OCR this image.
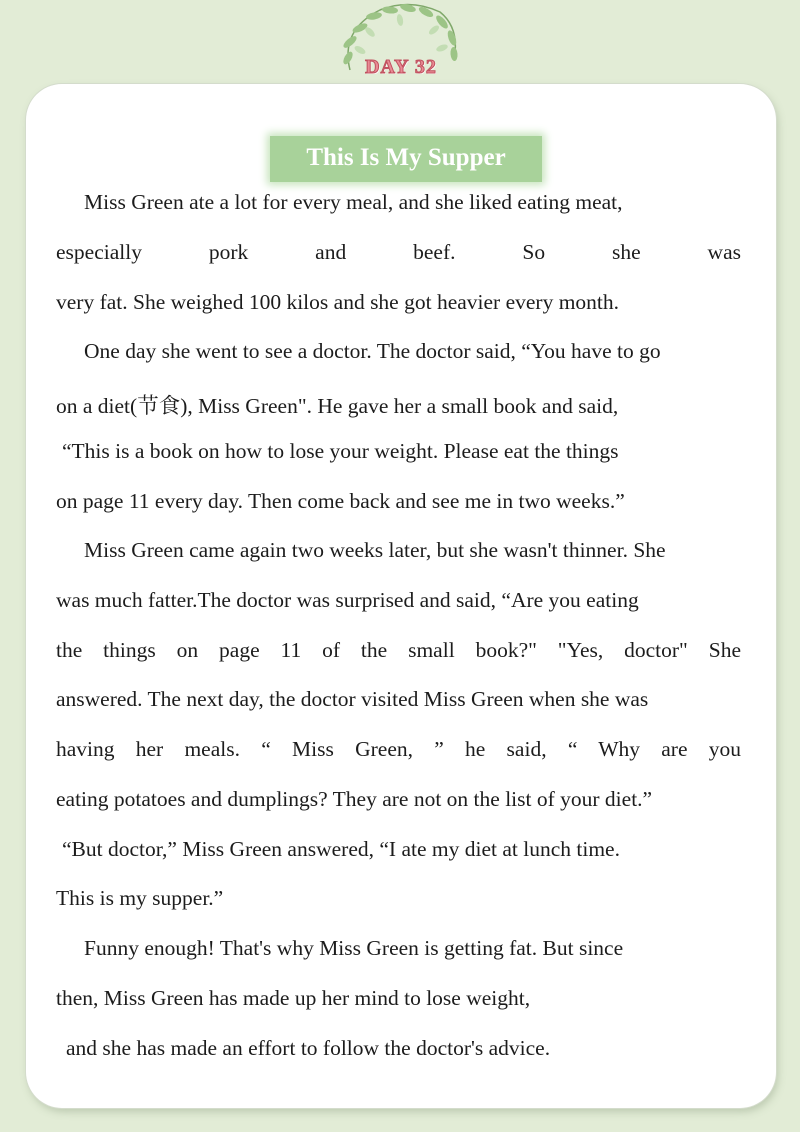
DAY 32
This Is My Supper
Miss Green ate a lot for every meal, and she liked eating meat,
especially pork and beef. So she was
very fat. She weighed 100 kilos and she got heavier every month.
One day she went to see a doctor. The doctor said, “You have to go
on a diet(节食), Miss Green". He gave her a small book and said,
“This is a book on how to lose your weight. Please eat the things
on page 11 every day. Then come back and see me in two weeks.”
Miss Green came again two weeks later, but she wasn't thinner. She
was much fatter.The doctor was surprised and said, “Are you eating
the things on page 11 of the small book?" "Yes, doctor" She
answered. The next day, the doctor visited Miss Green when she was
having her meals. “ Miss Green, ” he said, “ Why are you
eating potatoes and dumplings? They are not on the list of your diet.”
“But doctor,” Miss Green answered, “I ate my diet at lunch time.
This is my supper.”
Funny enough! That's why Miss Green is getting fat. But since
then, Miss Green has made up her mind to lose weight,
and she has made an effort to follow the doctor's advice.
